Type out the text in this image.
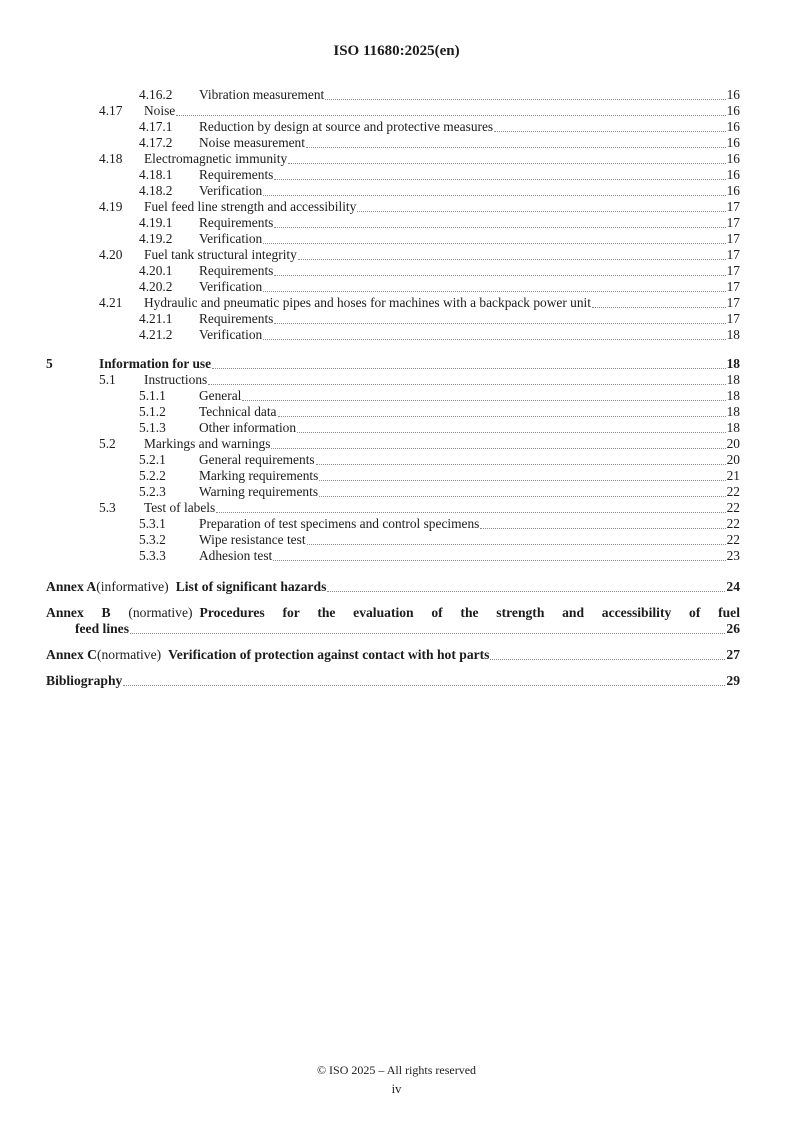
ISO 11680:2025(en)
4.16.2	Vibration measurement	16
4.17	Noise	16
4.17.1	Reduction by design at source and protective measures	16
4.17.2	Noise measurement	16
4.18	Electromagnetic immunity	16
4.18.1	Requirements	16
4.18.2	Verification	16
4.19	Fuel feed line strength and accessibility	17
4.19.1	Requirements	17
4.19.2	Verification	17
4.20	Fuel tank structural integrity	17
4.20.1	Requirements	17
4.20.2	Verification	17
4.21	Hydraulic and pneumatic pipes and hoses for machines with a backpack power unit	17
4.21.1	Requirements	17
4.21.2	Verification	18
5	Information for use	18
5.1	Instructions	18
5.1.1	General	18
5.1.2	Technical data	18
5.1.3	Other information	18
5.2	Markings and warnings	20
5.2.1	General requirements	20
5.2.2	Marking requirements	21
5.2.3	Warning requirements	22
5.3	Test of labels	22
5.3.1	Preparation of test specimens and control specimens	22
5.3.2	Wipe resistance test	22
5.3.3	Adhesion test	23
Annex A (informative) List of significant hazards	24
Annex B (normative) Procedures for the evaluation of the strength and accessibility of fuel
feed lines	26
Annex C (normative) Verification of protection against contact with hot parts	27
Bibliography	29
© ISO 2025 – All rights reserved
iv
